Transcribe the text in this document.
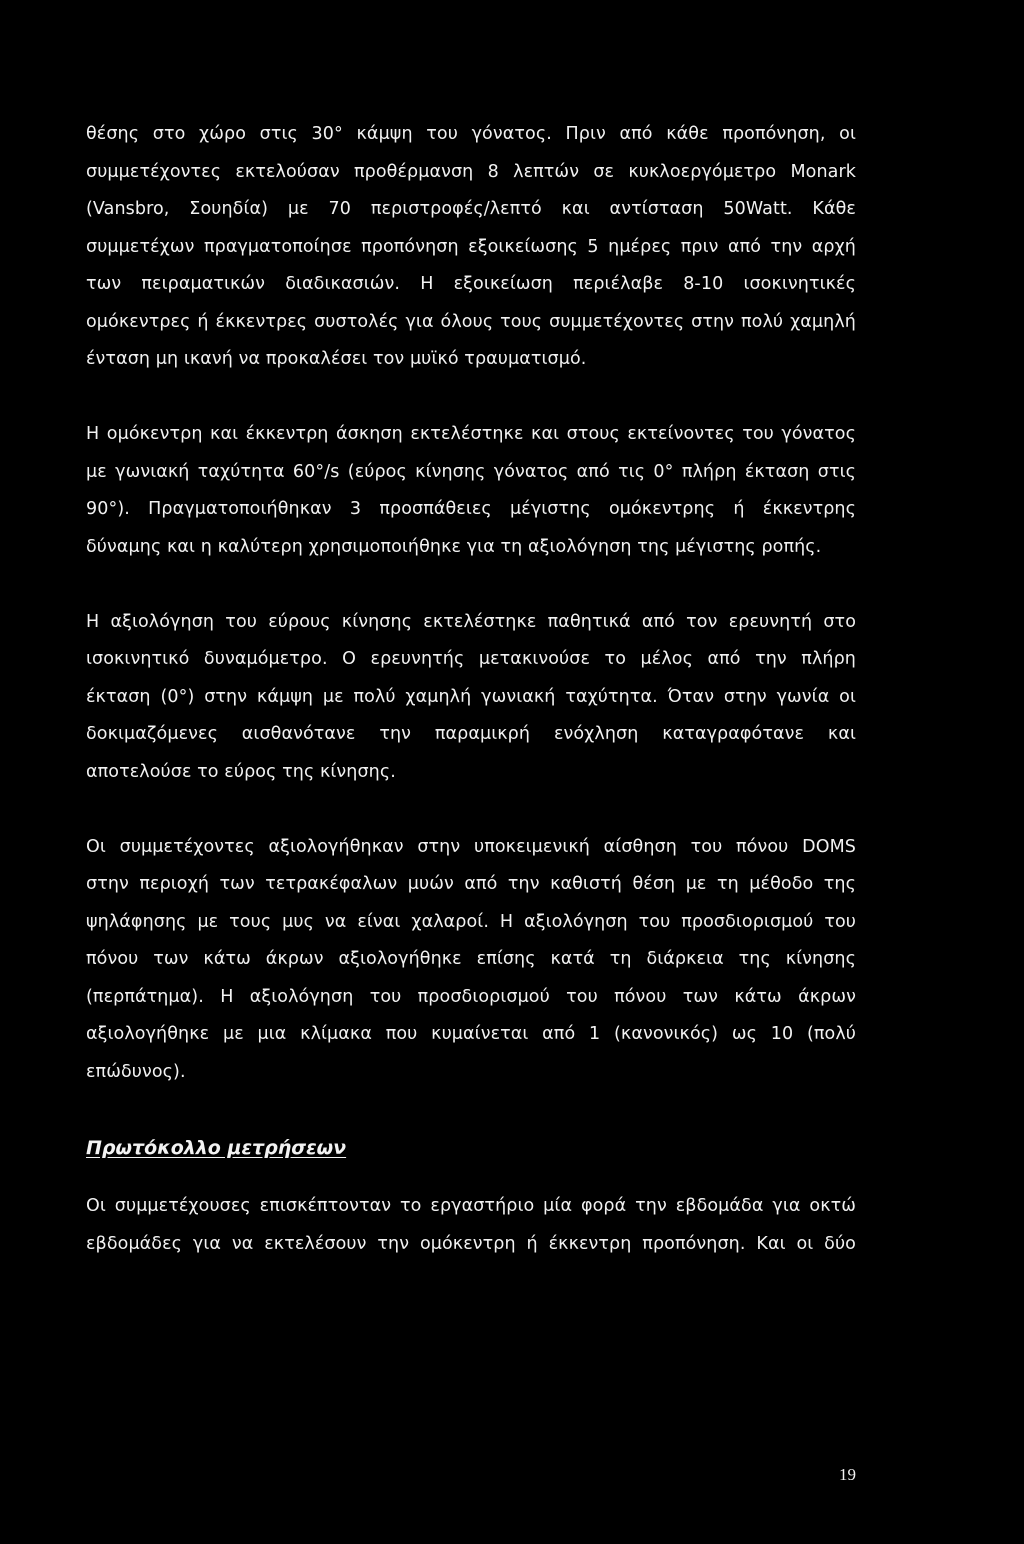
θέσης στο χώρο στις 30° κάμψη του γόνατος. Πριν από κάθε προπόνηση, οι
συμμετέχοντες εκτελούσαν προθέρμανση 8 λεπτών σε κυκλοεργόμετρο Monark
(Vansbro, Σουηδία) με 70 περιστροφές/λεπτό και αντίσταση 50Watt. Κάθε
συμμετέχων πραγματοποίησε προπόνηση εξοικείωσης 5 ημέρες πριν από την αρχή
των πειραματικών διαδικασιών. Η εξοικείωση περιέλαβε 8-10 ισοκινητικές
ομόκεντρες ή έκκεντρες συστολές για όλους τους συμμετέχοντες στην πολύ χαμηλή
ένταση μη ικανή να προκαλέσει τον μυϊκό τραυματισμό.
Η ομόκεντρη και έκκεντρη άσκηση εκτελέστηκε και στους εκτείνοντες του γόνατος
με γωνιακή ταχύτητα 60°/s (εύρος κίνησης γόνατος από τις 0° πλήρη έκταση στις
90°). Πραγματοποιήθηκαν 3 προσπάθειες μέγιστης ομόκεντρης ή έκκεντρης
δύναμης και η καλύτερη χρησιμοποιήθηκε για τη αξιολόγηση της μέγιστης ροπής.
Η αξιολόγηση του εύρους κίνησης εκτελέστηκε παθητικά από τον ερευνητή στο
ισοκινητικό δυναμόμετρο. Ο ερευνητής μετακινούσε το μέλος από την πλήρη
έκταση (0°) στην κάμψη με πολύ χαμηλή γωνιακή ταχύτητα. Όταν στην γωνία οι
δοκιμαζόμενες αισθανότανε την παραμικρή ενόχληση καταγραφότανε και
αποτελούσε το εύρος της κίνησης.
Οι συμμετέχοντες αξιολογήθηκαν στην υποκειμενική αίσθηση του πόνου DOMS
στην περιοχή των τετρακέφαλων μυών από την καθιστή θέση με τη μέθοδο της
ψηλάφησης με τους μυς να είναι χαλαροί. Η αξιολόγηση του προσδιορισμού του
πόνου των κάτω άκρων αξιολογήθηκε επίσης κατά τη διάρκεια της κίνησης
(περπάτημα). Η αξιολόγηση του προσδιορισμού του πόνου των κάτω άκρων
αξιολογήθηκε με μια κλίμακα που κυμαίνεται από 1 (κανονικός) ως 10 (πολύ
επώδυνος).
Πρωτόκολλο μετρήσεων
Οι συμμετέχουσες επισκέπτονταν το εργαστήριο μία φορά την εβδομάδα για οκτώ
εβδομάδες για να εκτελέσουν την ομόκεντρη ή έκκεντρη προπόνηση. Και οι δύο
19
